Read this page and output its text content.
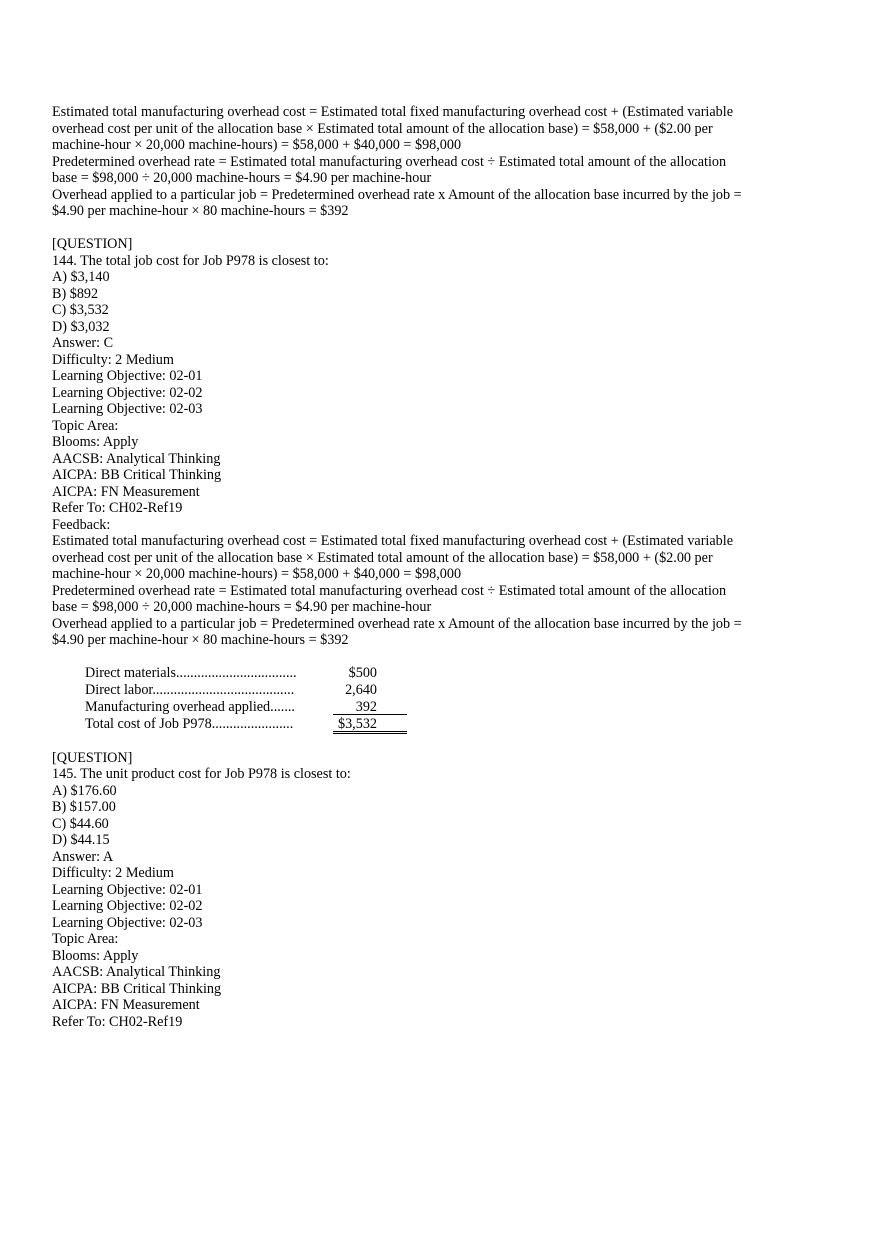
Estimated total manufacturing overhead cost = Estimated total fixed manufacturing overhead cost + (Estimated variable
overhead cost per unit of the allocation base × Estimated total amount of the allocation base) = $58,000 + ($2.00 per
machine-hour × 20,000 machine-hours) = $58,000 + $40,000 = $98,000
Predetermined overhead rate = Estimated total manufacturing overhead cost ÷ Estimated total amount of the allocation
base = $98,000 ÷ 20,000 machine-hours = $4.90 per machine-hour
Overhead applied to a particular job = Predetermined overhead rate x Amount of the allocation base incurred by the job =
$4.90 per machine-hour × 80 machine-hours = $392
[QUESTION]
144. The total job cost for Job P978 is closest to:
A) $3,140
B) $892
C) $3,532
D) $3,032
Answer: C
Difficulty: 2 Medium
Learning Objective: 02-01
Learning Objective: 02-02
Learning Objective: 02-03
Topic Area:
Blooms: Apply
AACSB: Analytical Thinking
AICPA: BB Critical Thinking
AICPA: FN Measurement
Refer To: CH02-Ref19
Feedback:
Estimated total manufacturing overhead cost = Estimated total fixed manufacturing overhead cost + (Estimated variable
overhead cost per unit of the allocation base × Estimated total amount of the allocation base) = $58,000 + ($2.00 per
machine-hour × 20,000 machine-hours) = $58,000 + $40,000 = $98,000
Predetermined overhead rate = Estimated total manufacturing overhead cost ÷ Estimated total amount of the allocation
base = $98,000 ÷ 20,000 machine-hours = $4.90 per machine-hour
Overhead applied to a particular job = Predetermined overhead rate x Amount of the allocation base incurred by the job =
$4.90 per machine-hour × 80 machine-hours = $392
Direct materials..................................	$500
Direct labor........................................	2,640
Manufacturing overhead applied.......	392
Total cost of Job P978.......................	$3,532
[QUESTION]
145. The unit product cost for Job P978 is closest to:
A) $176.60
B) $157.00
C) $44.60
D) $44.15
Answer: A
Difficulty: 2 Medium
Learning Objective: 02-01
Learning Objective: 02-02
Learning Objective: 02-03
Topic Area:
Blooms: Apply
AACSB: Analytical Thinking
AICPA: BB Critical Thinking
AICPA: FN Measurement
Refer To: CH02-Ref19
